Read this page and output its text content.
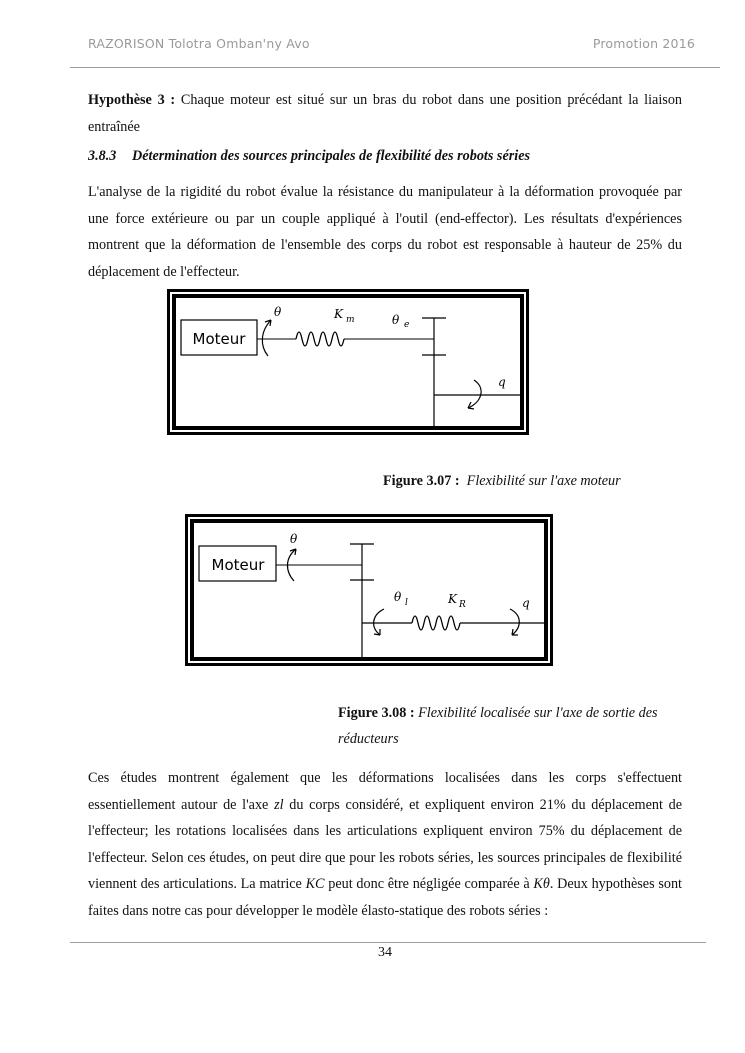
RAZORISON Tolotra Omban'ny Avo	Promotion 2016

Hypothèse 3 : Chaque moteur est situé sur un bras du robot dans une position précédant la liaison entraînée

3.8.3 Détermination des sources principales de flexibilité des robots séries

L'analyse de la rigidité du robot évalue la résistance du manipulateur à la déformation provoquée par une force extérieure ou par un couple appliqué à l'outil (end-effector). Les résultats d'expériences montrent que la déformation de l'ensemble des corps du robot est responsable à hauteur de 25% du déplacement de l'effecteur.

Moteur
θ	K m	θ e
q
Figure 3.07 : Flexibilité sur l'axe moteur
Moteur
θ
θ l	K R	q
Figure 3.08 : Flexibilité localisée sur l'axe de sortie des réducteurs

Ces études montrent également que les déformations localisées dans les corps s'effectuent essentiellement autour de l'axe zl du corps considéré, et expliquent environ 21% du déplacement de l'effecteur; les rotations localisées dans les articulations expliquent environ 75% du déplacement de l'effecteur. Selon ces études, on peut dire que pour les robots séries, les sources principales de flexibilité viennent des articulations. La matrice KC peut donc être négligée comparée à Kθ. Deux hypothèses sont faites dans notre cas pour développer le modèle élasto-statique des robots séries :

34
